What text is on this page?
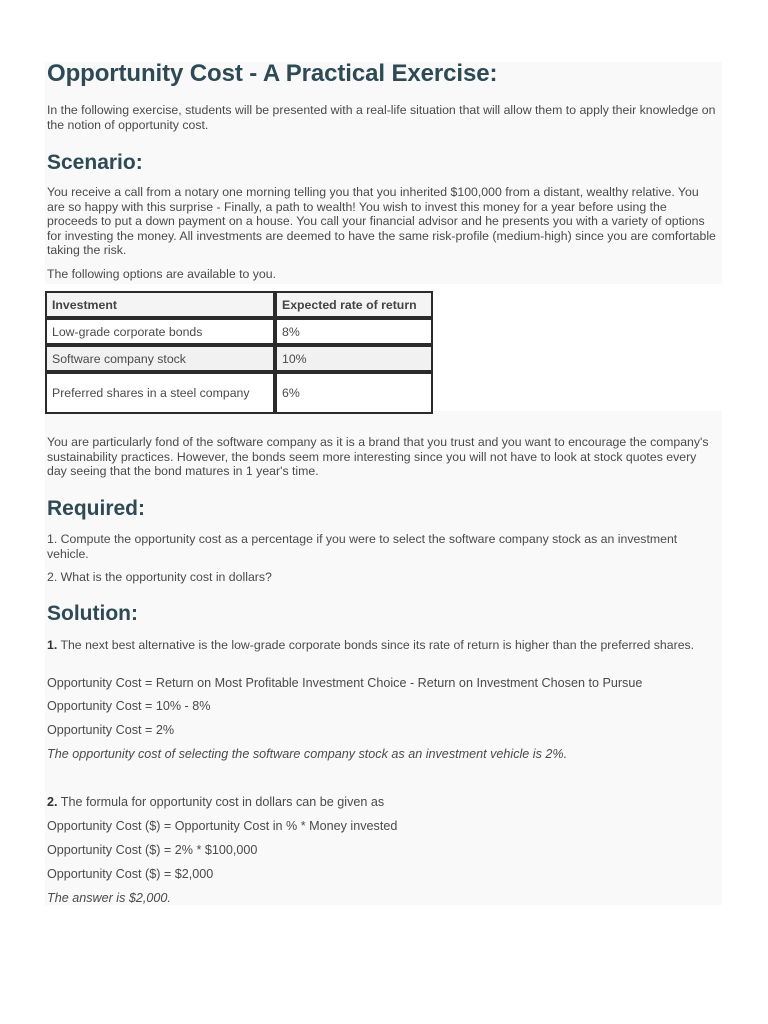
Opportunity Cost - A Practical Exercise:

In the following exercise, students will be presented with a real-life situation that will allow them to apply their knowledge on the notion of opportunity cost.

Scenario:

You receive a call from a notary one morning telling you that you inherited $100,000 from a distant, wealthy relative. You are so happy with this surprise - Finally, a path to wealth! You wish to invest this money for a year before using the proceeds to put a down payment on a house. You call your financial advisor and he presents you with a variety of options for investing the money. All investments are deemed to have the same risk-profile (medium-high) since you are comfortable taking the risk.

The following options are available to you.

Investment	Expected rate of return
Low-grade corporate bonds	8%
Software company stock	10%
Preferred shares in a steel company	6%

You are particularly fond of the software company as it is a brand that you trust and you want to encourage the company's sustainability practices. However, the bonds seem more interesting since you will not have to look at stock quotes every day seeing that the bond matures in 1 year's time.

Required:

1. Compute the opportunity cost as a percentage if you were to select the software company stock as an investment vehicle.

2. What is the opportunity cost in dollars?

Solution:

1. The next best alternative is the low-grade corporate bonds since its rate of return is higher than the preferred shares.

Opportunity Cost = Return on Most Profitable Investment Choice - Return on Investment Chosen to Pursue

Opportunity Cost = 10% - 8%

Opportunity Cost = 2%

The opportunity cost of selecting the software company stock as an investment vehicle is 2%.

2. The formula for opportunity cost in dollars can be given as

Opportunity Cost ($) = Opportunity Cost in % * Money invested

Opportunity Cost ($) = 2% * $100,000

Opportunity Cost ($) = $2,000

The answer is $2,000.
